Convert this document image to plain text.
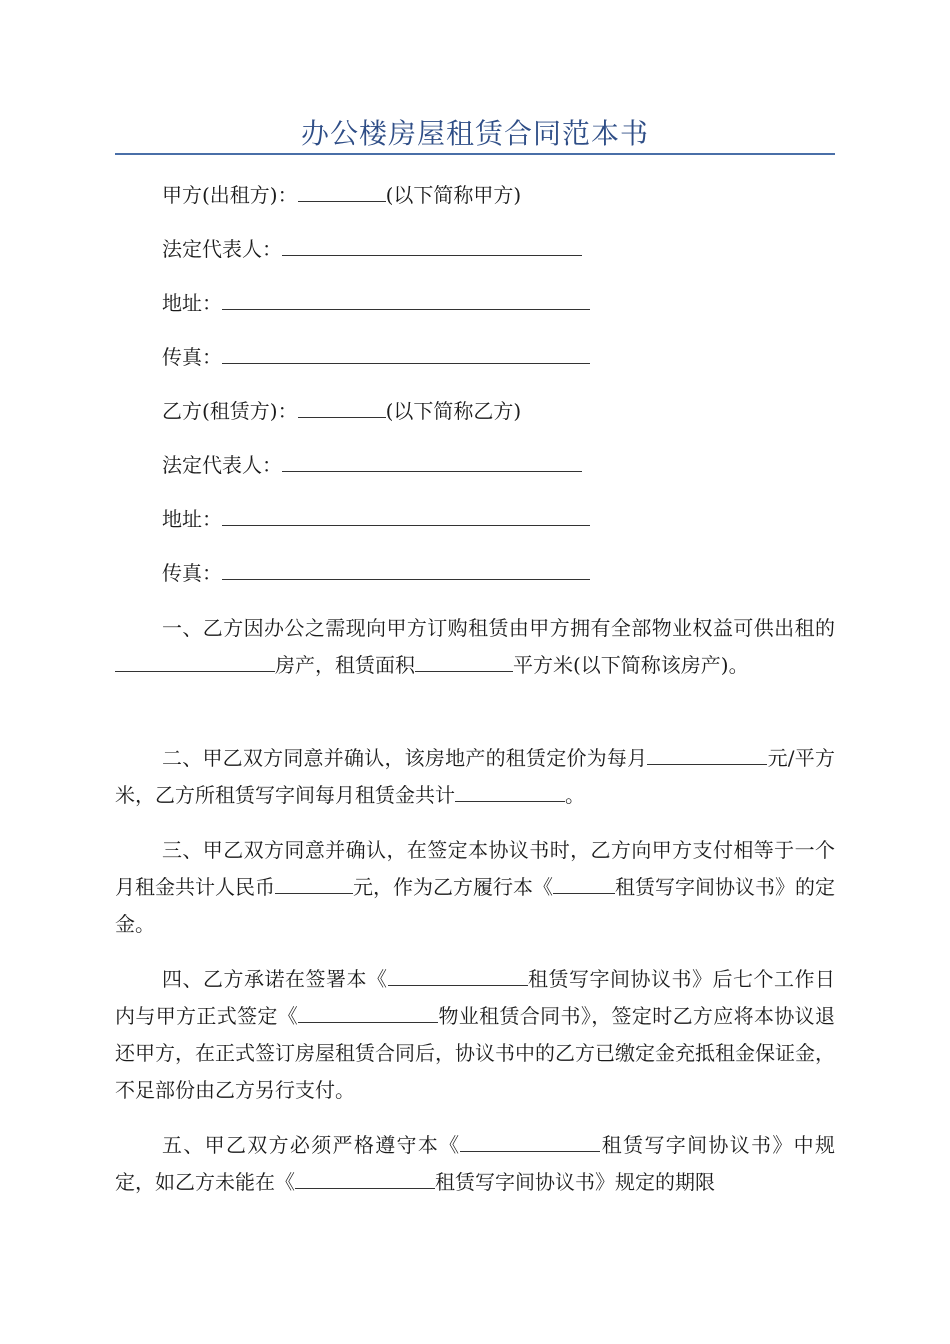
办公楼房屋租赁合同范本书
甲方(出租方)：	(以下简称甲方)
法定代表人：
地址：
传真：
乙方(租赁方)：	(以下简称乙方)
法定代表人：
地址：
传真：
一、乙方因办公之需现向甲方订购租赁由甲方拥有全部物业权益可供出租的房产，租赁面积	平方米(以下简称该房产)。
二、甲乙双方同意并确认，该房地产的租赁定价为每月	元/平方米，乙方所租赁写字间每月租赁金共计	。
三、甲乙双方同意并确认，在签定本协议书时，乙方向甲方支付相等于一个月租金共计人民币	元，作为乙方履行本《	租赁写字间协议书》的定金。
四、乙方承诺在签署本《	租赁写字间协议书》后七个工作日内与甲方正式签定《	物业租赁合同书》，签定时乙方应将本协议退还甲方，在正式签订房屋租赁合同后，协议书中的乙方已缴定金充抵租金保证金，不足部份由乙方另行支付。
五、甲乙双方必须严格遵守本《	租赁写字间协议书》中规定，如乙方未能在《	租赁写字间协议书》规定的期限
